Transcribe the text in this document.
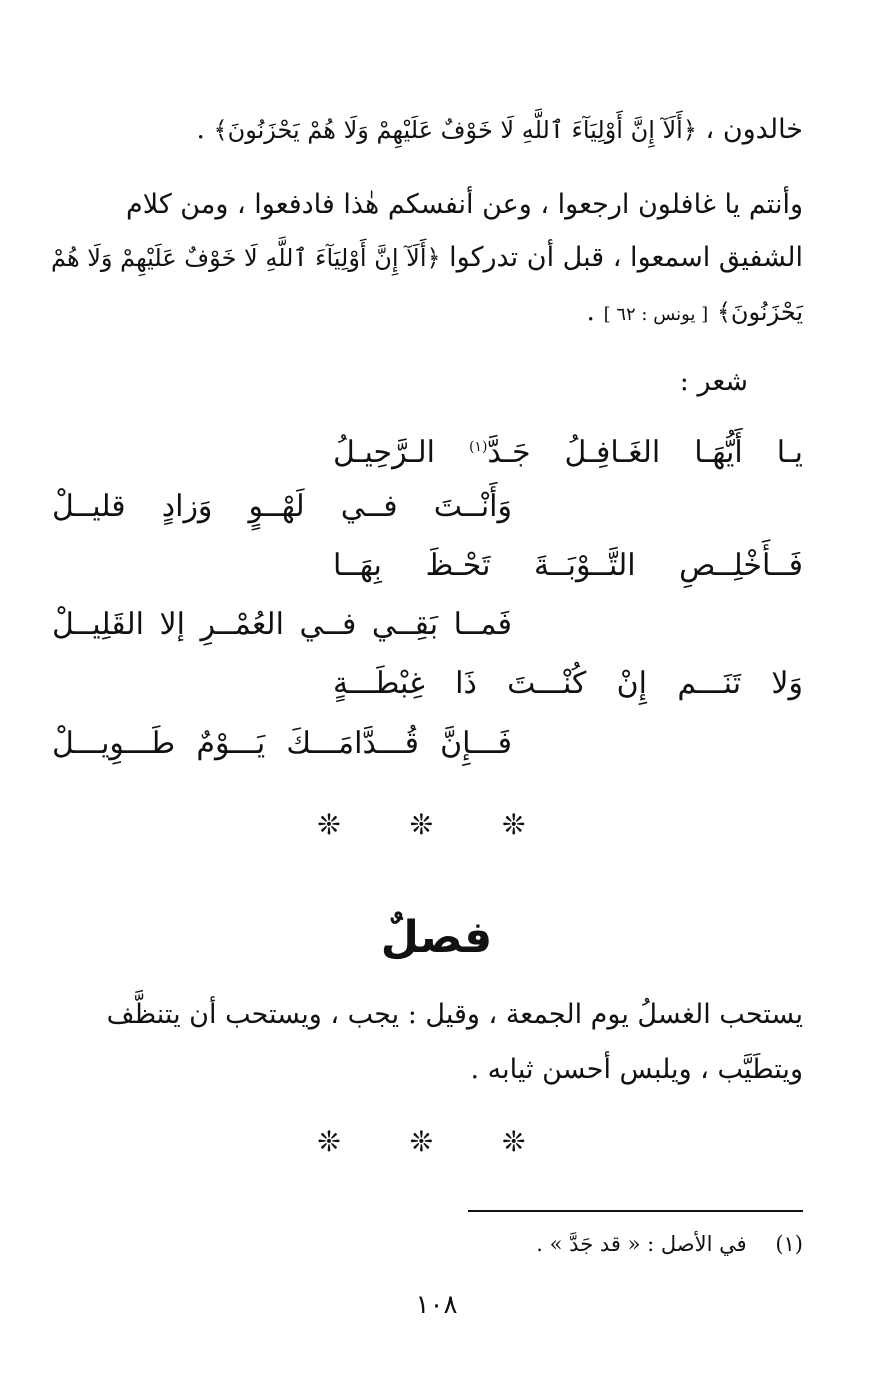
خالدون ، ﴿أَلَآ إِنَّ أَوْلِيَآءَ ٱللَّهِ لَا خَوْفٌ عَلَيْهِمْ وَلَا هُمْ يَحْزَنُونَ﴾ .
وأنتم يا غافلون ارجعوا ، وعن أنفسكم هٰذا فادفعوا ، ومن كلام
الشفيق اسمعوا ، قبل أن تدركوا ﴿أَلَآ إِنَّ أَوْلِيَآءَ ٱللَّهِ لَا خَوْفٌ عَلَيْهِمْ وَلَا هُمْ
يَحْزَنُونَ﴾ [ يونس : ٦٢ ] .
شعر :
يـا أَيُّهَـا الغَـافِـلُ جَـدَّ$^{(١)}$ الـرَّحِيـلُ
وَأَنْــتَ فــي لَهْــوٍ وَزادٍ قليــلْ
فَــأَخْلِــصِ التَّــوْبَــةَ تَحْـظَ بِهَــا
فَمــا بَقِــي فــي العُمْــرِ إلا القَلِيــلْ
وَلا تَنَـــم إِنْ كُنْـــتَ ذَا غِبْطَـــةٍ
فَـــإِنَّ قُـــدَّامَـــكَ يَـــوْمٌ طَـــوِيـــلْ
❊ ❊ ❊
فصلٌ
يستحب الغسلُ يوم الجمعة ، وقيل : يجب ، ويستحب أن يتنظَّف
ويتطَيَّب ، ويلبس أحسن ثيابه .
❊ ❊ ❊
(١) في الأصل : « قد جَدَّ » .
١٠٨
